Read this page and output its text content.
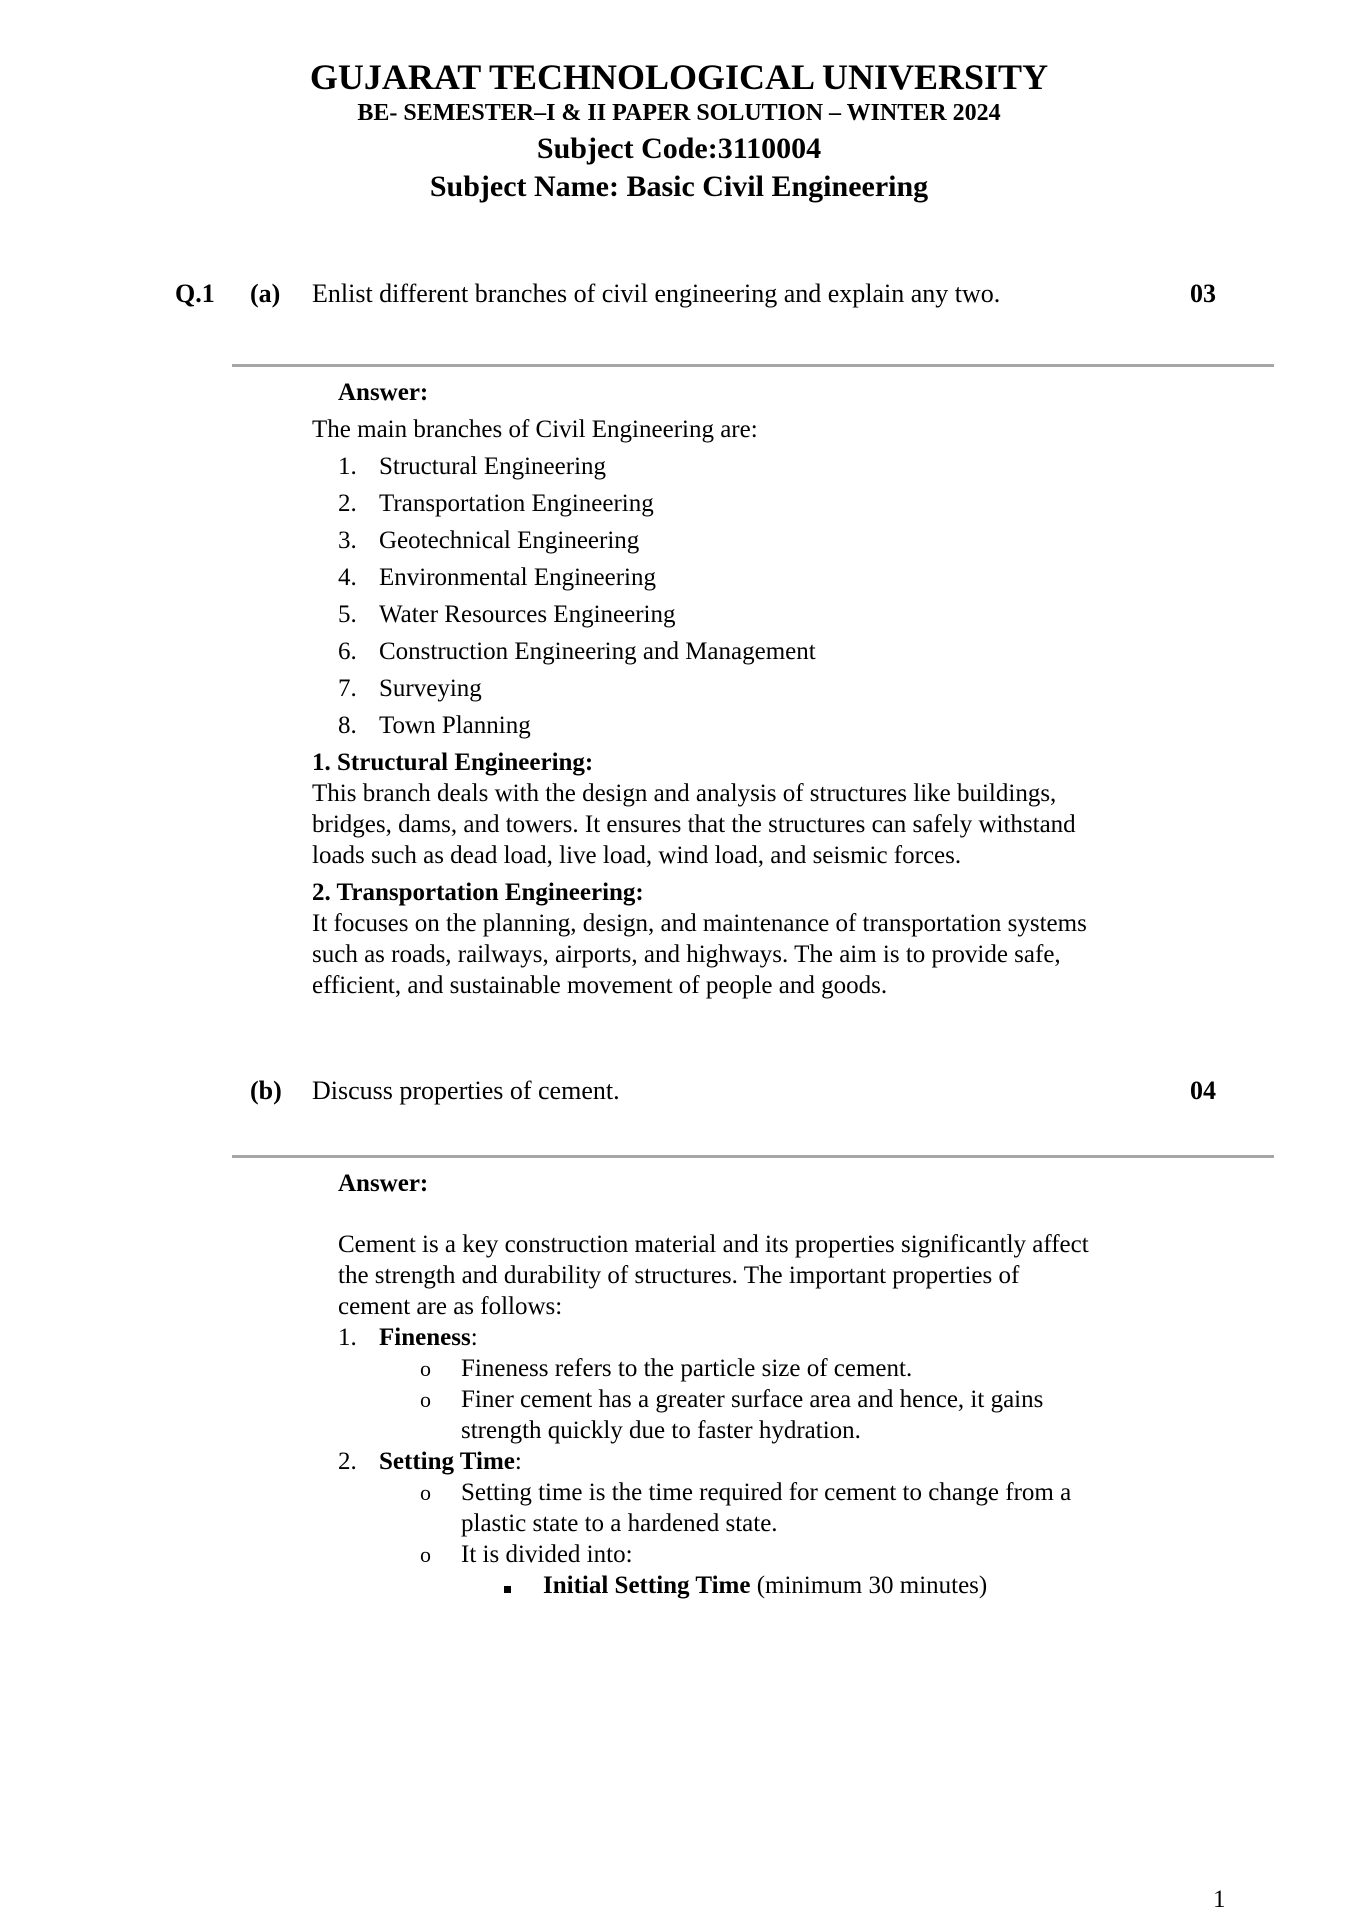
GUJARAT TECHNOLOGICAL UNIVERSITY
BE- SEMESTER–I & II PAPER SOLUTION – WINTER 2024
Subject Code:3110004
Subject Name: Basic Civil Engineering
Q.1 (a) Enlist different branches of civil engineering and explain any two.	03
Answer:
The main branches of Civil Engineering are:
1. Structural Engineering
2. Transportation Engineering
3. Geotechnical Engineering
4. Environmental Engineering
5. Water Resources Engineering
6. Construction Engineering and Management
7. Surveying
8. Town Planning
1. Structural Engineering:
This branch deals with the design and analysis of structures like buildings,
bridges, dams, and towers. It ensures that the structures can safely withstand
loads such as dead load, live load, wind load, and seismic forces.
2. Transportation Engineering:
It focuses on the planning, design, and maintenance of transportation systems
such as roads, railways, airports, and highways. The aim is to provide safe,
efficient, and sustainable movement of people and goods.
(b) Discuss properties of cement.	04
Answer:
Cement is a key construction material and its properties significantly affect
the strength and durability of structures. The important properties of
cement are as follows:
1. Fineness:
o Fineness refers to the particle size of cement.
o Finer cement has a greater surface area and hence, it gains
strength quickly due to faster hydration.
2. Setting Time:
o Setting time is the time required for cement to change from a
plastic state to a hardened state.
o It is divided into:
Initial Setting Time (minimum 30 minutes)
1
